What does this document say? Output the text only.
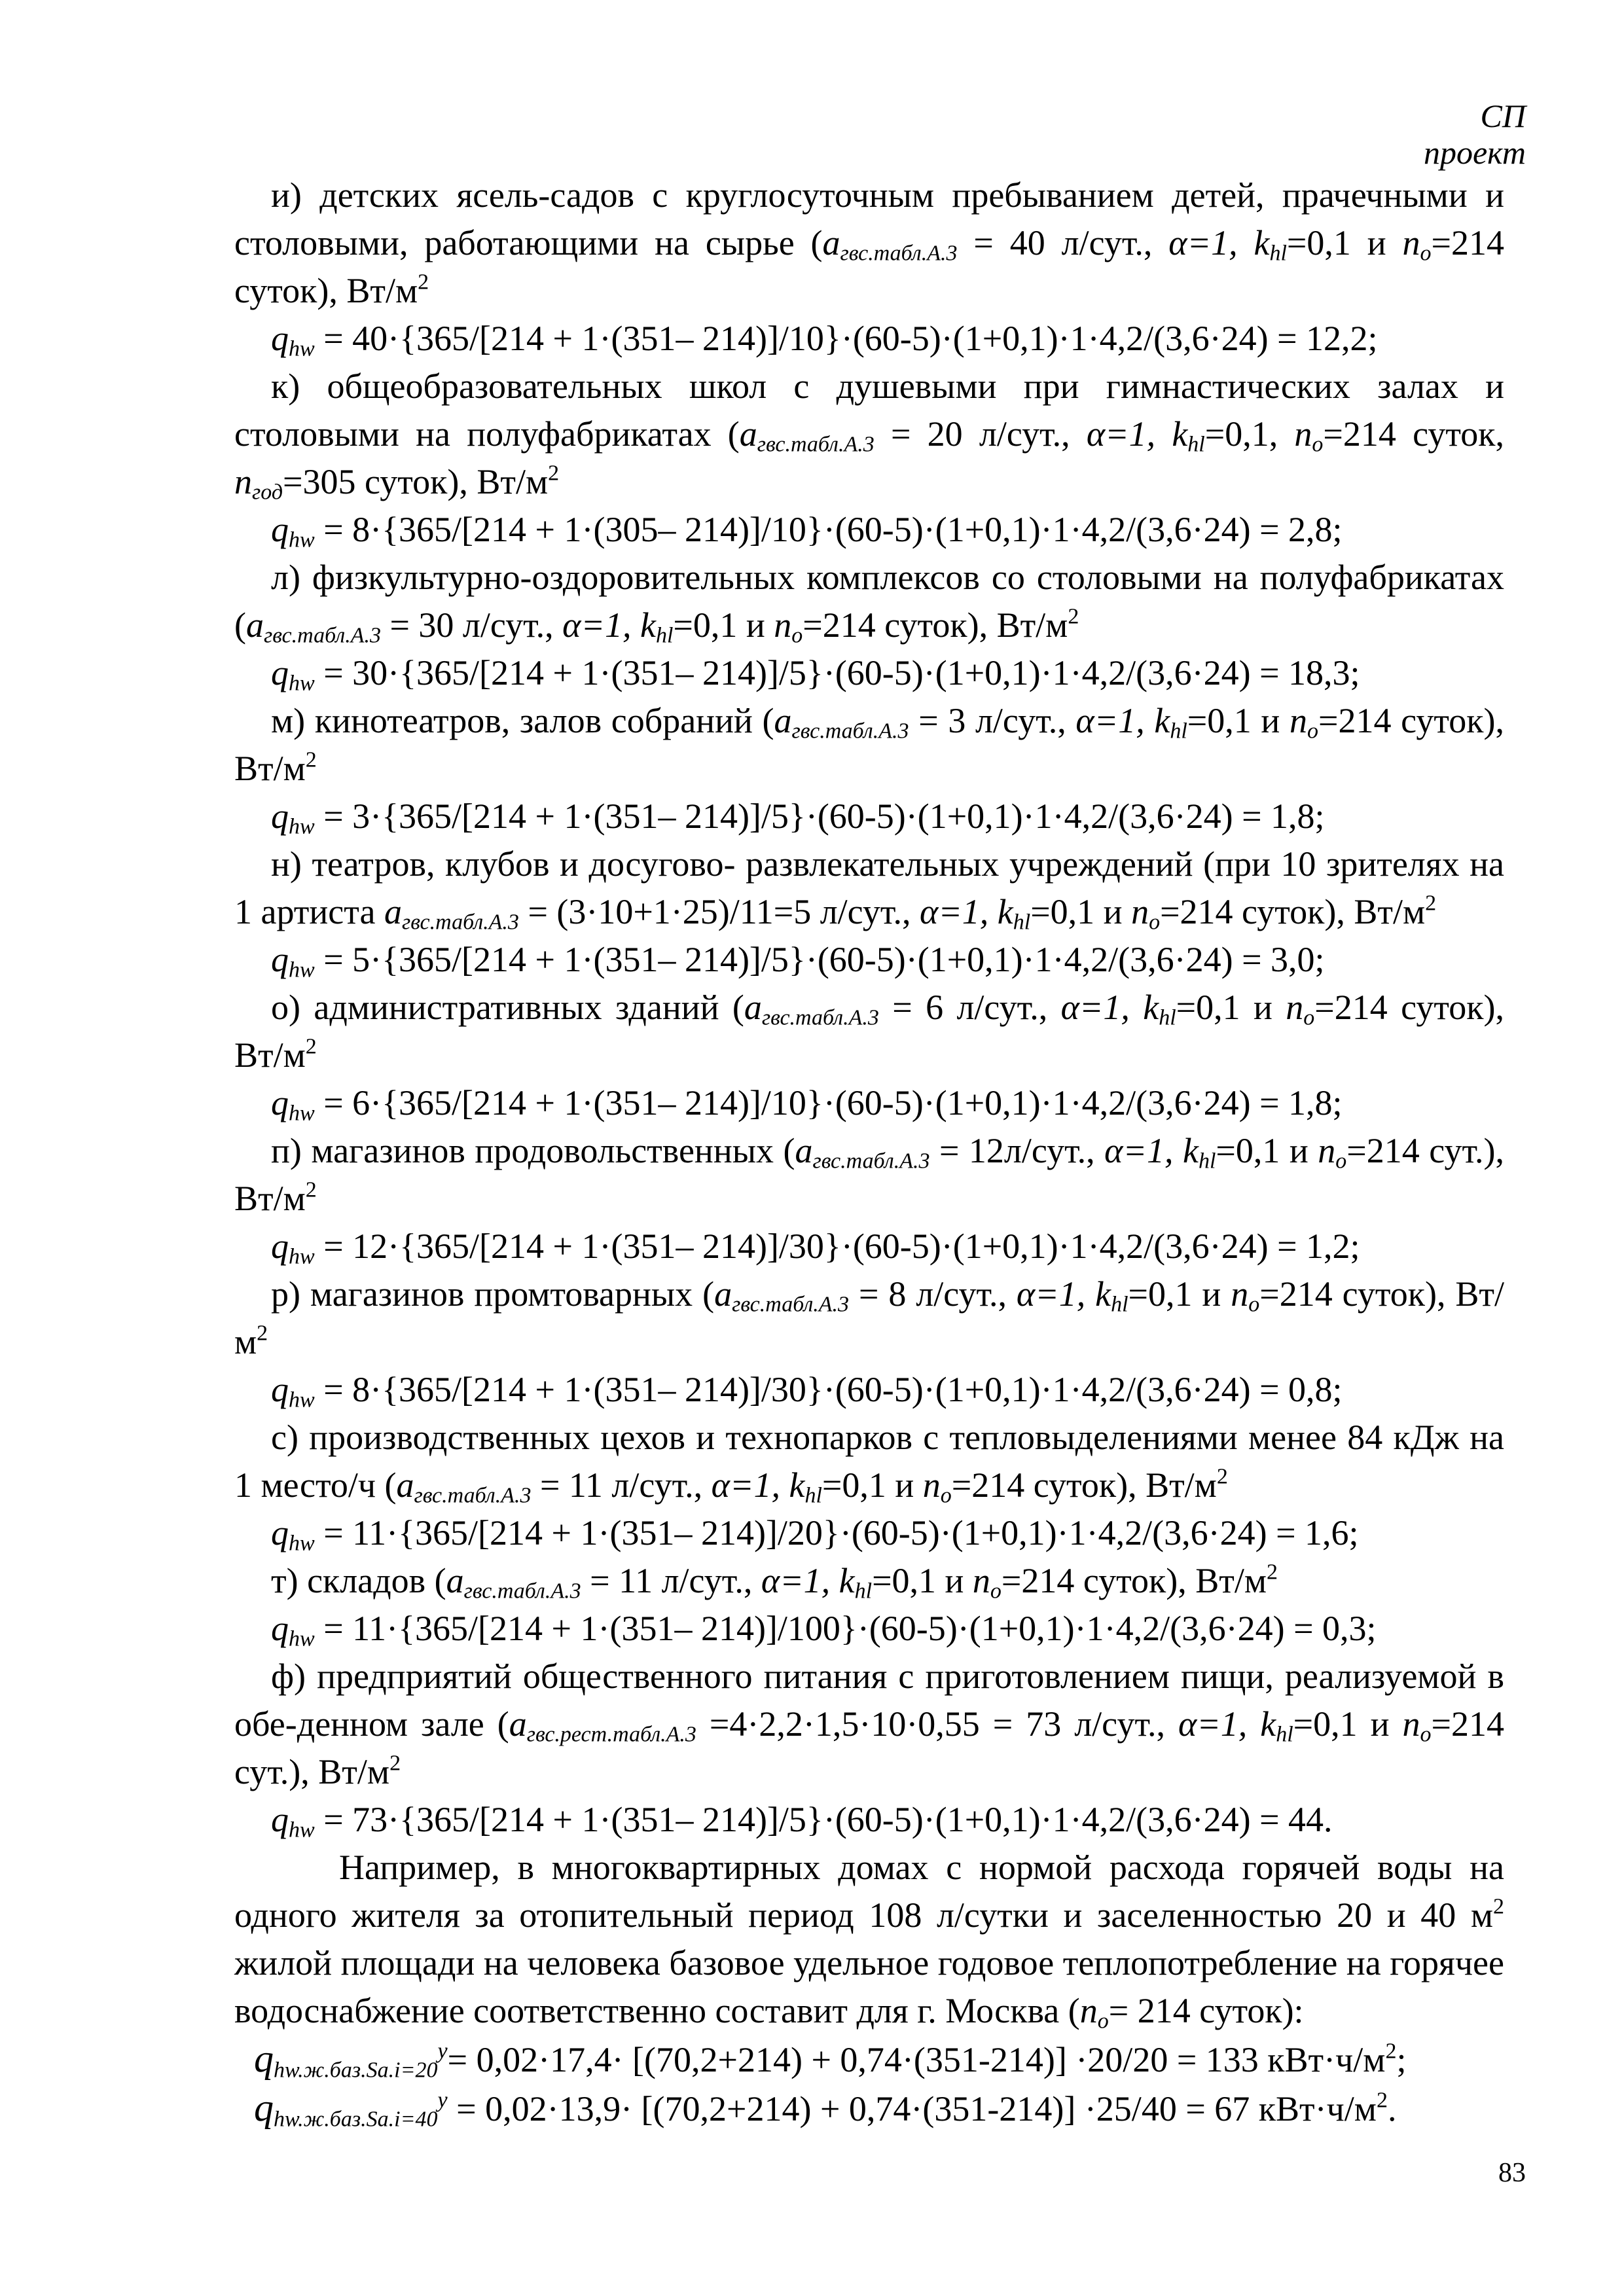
СП
проект

и) детских ясель-садов с круглосуточным пребыванием детей, прачечными и столовыми, работающими на сырье (агвс.табл.А.3 = 40 л/сут., α=1, khl=0,1 и no=214 суток), $Вт/м^2$

qhw = 40·{365/[214 + 1·(351– 214)]/10}·(60-5)·(1+0,1)·1·4,2/(3,6·24) = 12,2;

к) общеобразовательных школ с душевыми при гимнастических залах и столовыми на полуфабрикатах (агвс.табл.А.3 = 20 л/сут., α=1, khl=0,1, no=214 суток, nгод=305 суток), $Вт/м^2$

qhw = 8·{365/[214 + 1·(305– 214)]/10}·(60-5)·(1+0,1)·1·4,2/(3,6·24) = 2,8;

л) физкультурно-оздоровительных комплексов со столовыми на полуфабрикатах (агвс.табл.А.3 = 30 л/сут., α=1, khl=0,1 и no=214 суток), $Вт/м^2$

qhw = 30·{365/[214 + 1·(351– 214)]/5}·(60-5)·(1+0,1)·1·4,2/(3,6·24) = 18,3;

м) кинотеатров, залов собраний (агвс.табл.А.3 = 3 л/сут., α=1, khl=0,1 и no=214 суток), $Вт/м^2$

qhw = 3·{365/[214 + 1·(351– 214)]/5}·(60-5)·(1+0,1)·1·4,2/(3,6·24) = 1,8;

н) театров, клубов и досугово- развлекательных учреждений (при 10 зрителях на 1 артиста агвс.табл.А.3 = (3·10+1·25)/11=5 л/сут., α=1, khl=0,1 и no=214 суток), $Вт/м^2$

qhw = 5·{365/[214 + 1·(351– 214)]/5}·(60-5)·(1+0,1)·1·4,2/(3,6·24) = 3,0;

о) административных зданий (агвс.табл.А.3 = 6 л/сут., α=1, khl=0,1 и no=214 суток), $Вт/м^2$

qhw = 6·{365/[214 + 1·(351– 214)]/10}·(60-5)·(1+0,1)·1·4,2/(3,6·24) = 1,8;

п) магазинов продовольственных (агвс.табл.А.3 = 12л/сут., α=1, khl=0,1 и no=214 сут.), $Вт/м^2$

qhw = 12·{365/[214 + 1·(351– 214)]/30}·(60-5)·(1+0,1)·1·4,2/(3,6·24) = 1,2;

р) магазинов промтоварных (агвс.табл.А.3 = 8 л/сут., α=1, khl=0,1 и no=214 суток), $Вт/м^2$

qhw = 8·{365/[214 + 1·(351– 214)]/30}·(60-5)·(1+0,1)·1·4,2/(3,6·24) = 0,8;

с) производственных цехов и технопарков с тепловыделениями менее 84 кДж на 1 место/ч (агвс.табл.А.3 = 11 л/сут., α=1, khl=0,1 и no=214 суток), $Вт/м^2$

qhw = 11·{365/[214 + 1·(351– 214)]/20}·(60-5)·(1+0,1)·1·4,2/(3,6·24) = 1,6;

т) складов (агвс.табл.А.3 = 11 л/сут., α=1, khl=0,1 и no=214 суток), $Вт/м^2$

qhw = 11·{365/[214 + 1·(351– 214)]/100}·(60-5)·(1+0,1)·1·4,2/(3,6·24) = 0,3;

ф) предприятий общественного питания с приготовлением пищи, реализуемой в обе-денном зале (агвс.рест.табл.А.3 =4·2,2·1,5·10·0,55 = 73 л/сут., α=1, khl=0,1 и no=214 сут.), $Вт/м^2$

qhw = 73·{365/[214 + 1·(351– 214)]/5}·(60-5)·(1+0,1)·1·4,2/(3,6·24) = 44.

Например, в многоквартирных домах с нормой расхода горячей воды на одного жителя за отопительный период 108 л/сутки и заселенностью 20 и 40 $м^2$ жилой площади на человека базовое удельное годовое теплопотребление на горячее водоснабжение соответственно составит для г. Москва (no= 214 суток):

$qhw.ж.баз.Sa.i=20^у= 0,02\cdot 17,4\cdot [(70,2+214) + 0,74\cdot(351-214)] \cdot 20/20 = 133$ $кВт\cdot ч/м^2$;

$qhw.ж.баз.Sa.i=40^у = 0,02\cdot 13,9\cdot [(70,2+214) + 0,74\cdot(351-214)] \cdot 25/40 = 67$ $кВт\cdot ч/м^2$.

83
